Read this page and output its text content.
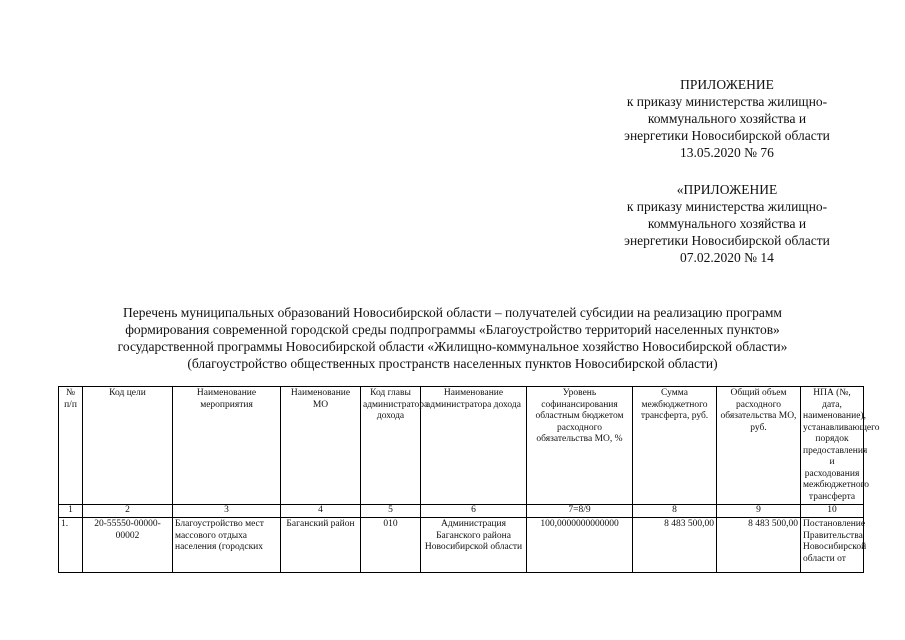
ПРИЛОЖЕНИЕ
к приказу министерства жилищно-
коммунального хозяйства и
энергетики Новосибирской области
13.05.2020 № 76
«ПРИЛОЖЕНИЕ
к приказу министерства жилищно-
коммунального хозяйства и
энергетики Новосибирской области
07.02.2020 № 14
Перечень муниципальных образований Новосибирской области – получателей субсидии на реализацию программ
формирования современной городской среды подпрограммы «Благоустройство территорий населенных пунктов»
государственной программы Новосибирской области «Жилищно-коммунальное хозяйство Новосибирской области»
(благоустройство общественных пространств населенных пунктов Новосибирской области)
№ п/п	Код цели	Наименование мероприятия	Наименование МО	Код главы администратора дохода	Наименование администратора дохода	Уровень софинансирования областным бюджетом расходного обязательства МО, %	Сумма межбюджетного трансферта, руб.	Общий объем расходного обязательства МО, руб.	НПА (№, дата, наименование), устанавливающего порядок предоставления и расходования межбюджетного трансферта
1	2	3	4	5	6	7=8/9	8	9	10
1.	20-55550-00000-00002	Благоустройство мест массового отдыха населения (городских	Баганский район	010	Администрация Баганского района Новосибирской области	100,0000000000000	8 483 500,00	8 483 500,00	Постановление Правительства Новосибирской области от
